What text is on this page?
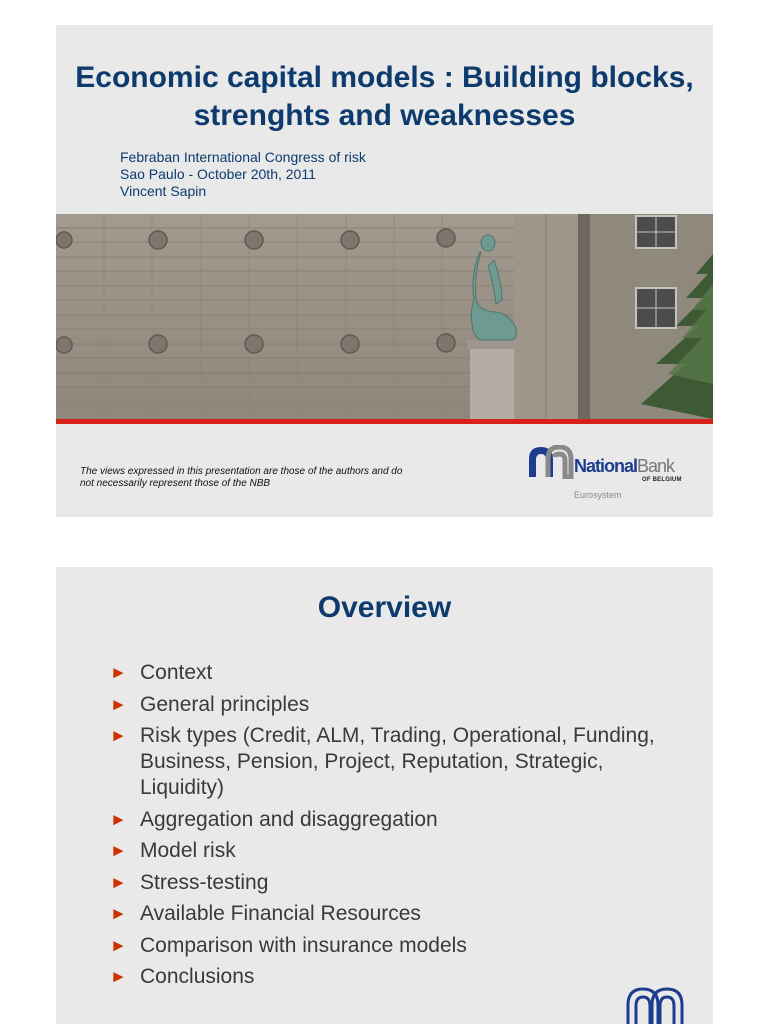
Economic capital models : Building blocks, strenghts and weaknesses
Febraban International Congress of risk
Sao Paulo - October 20th, 2011
Vincent Sapin
The views expressed in this presentation are those of the authors and do not necessarily represent those of the NBB
NationalBank
OF BELGIUM
Eurosystem
Overview
► Context
► General principles
► Risk types (Credit, ALM, Trading, Operational, Funding, Business, Pension, Project, Reputation, Strategic, Liquidity)
► Aggregation and disaggregation
► Model risk
► Stress-testing
► Available Financial Resources
► Comparison with insurance models
► Conclusions
